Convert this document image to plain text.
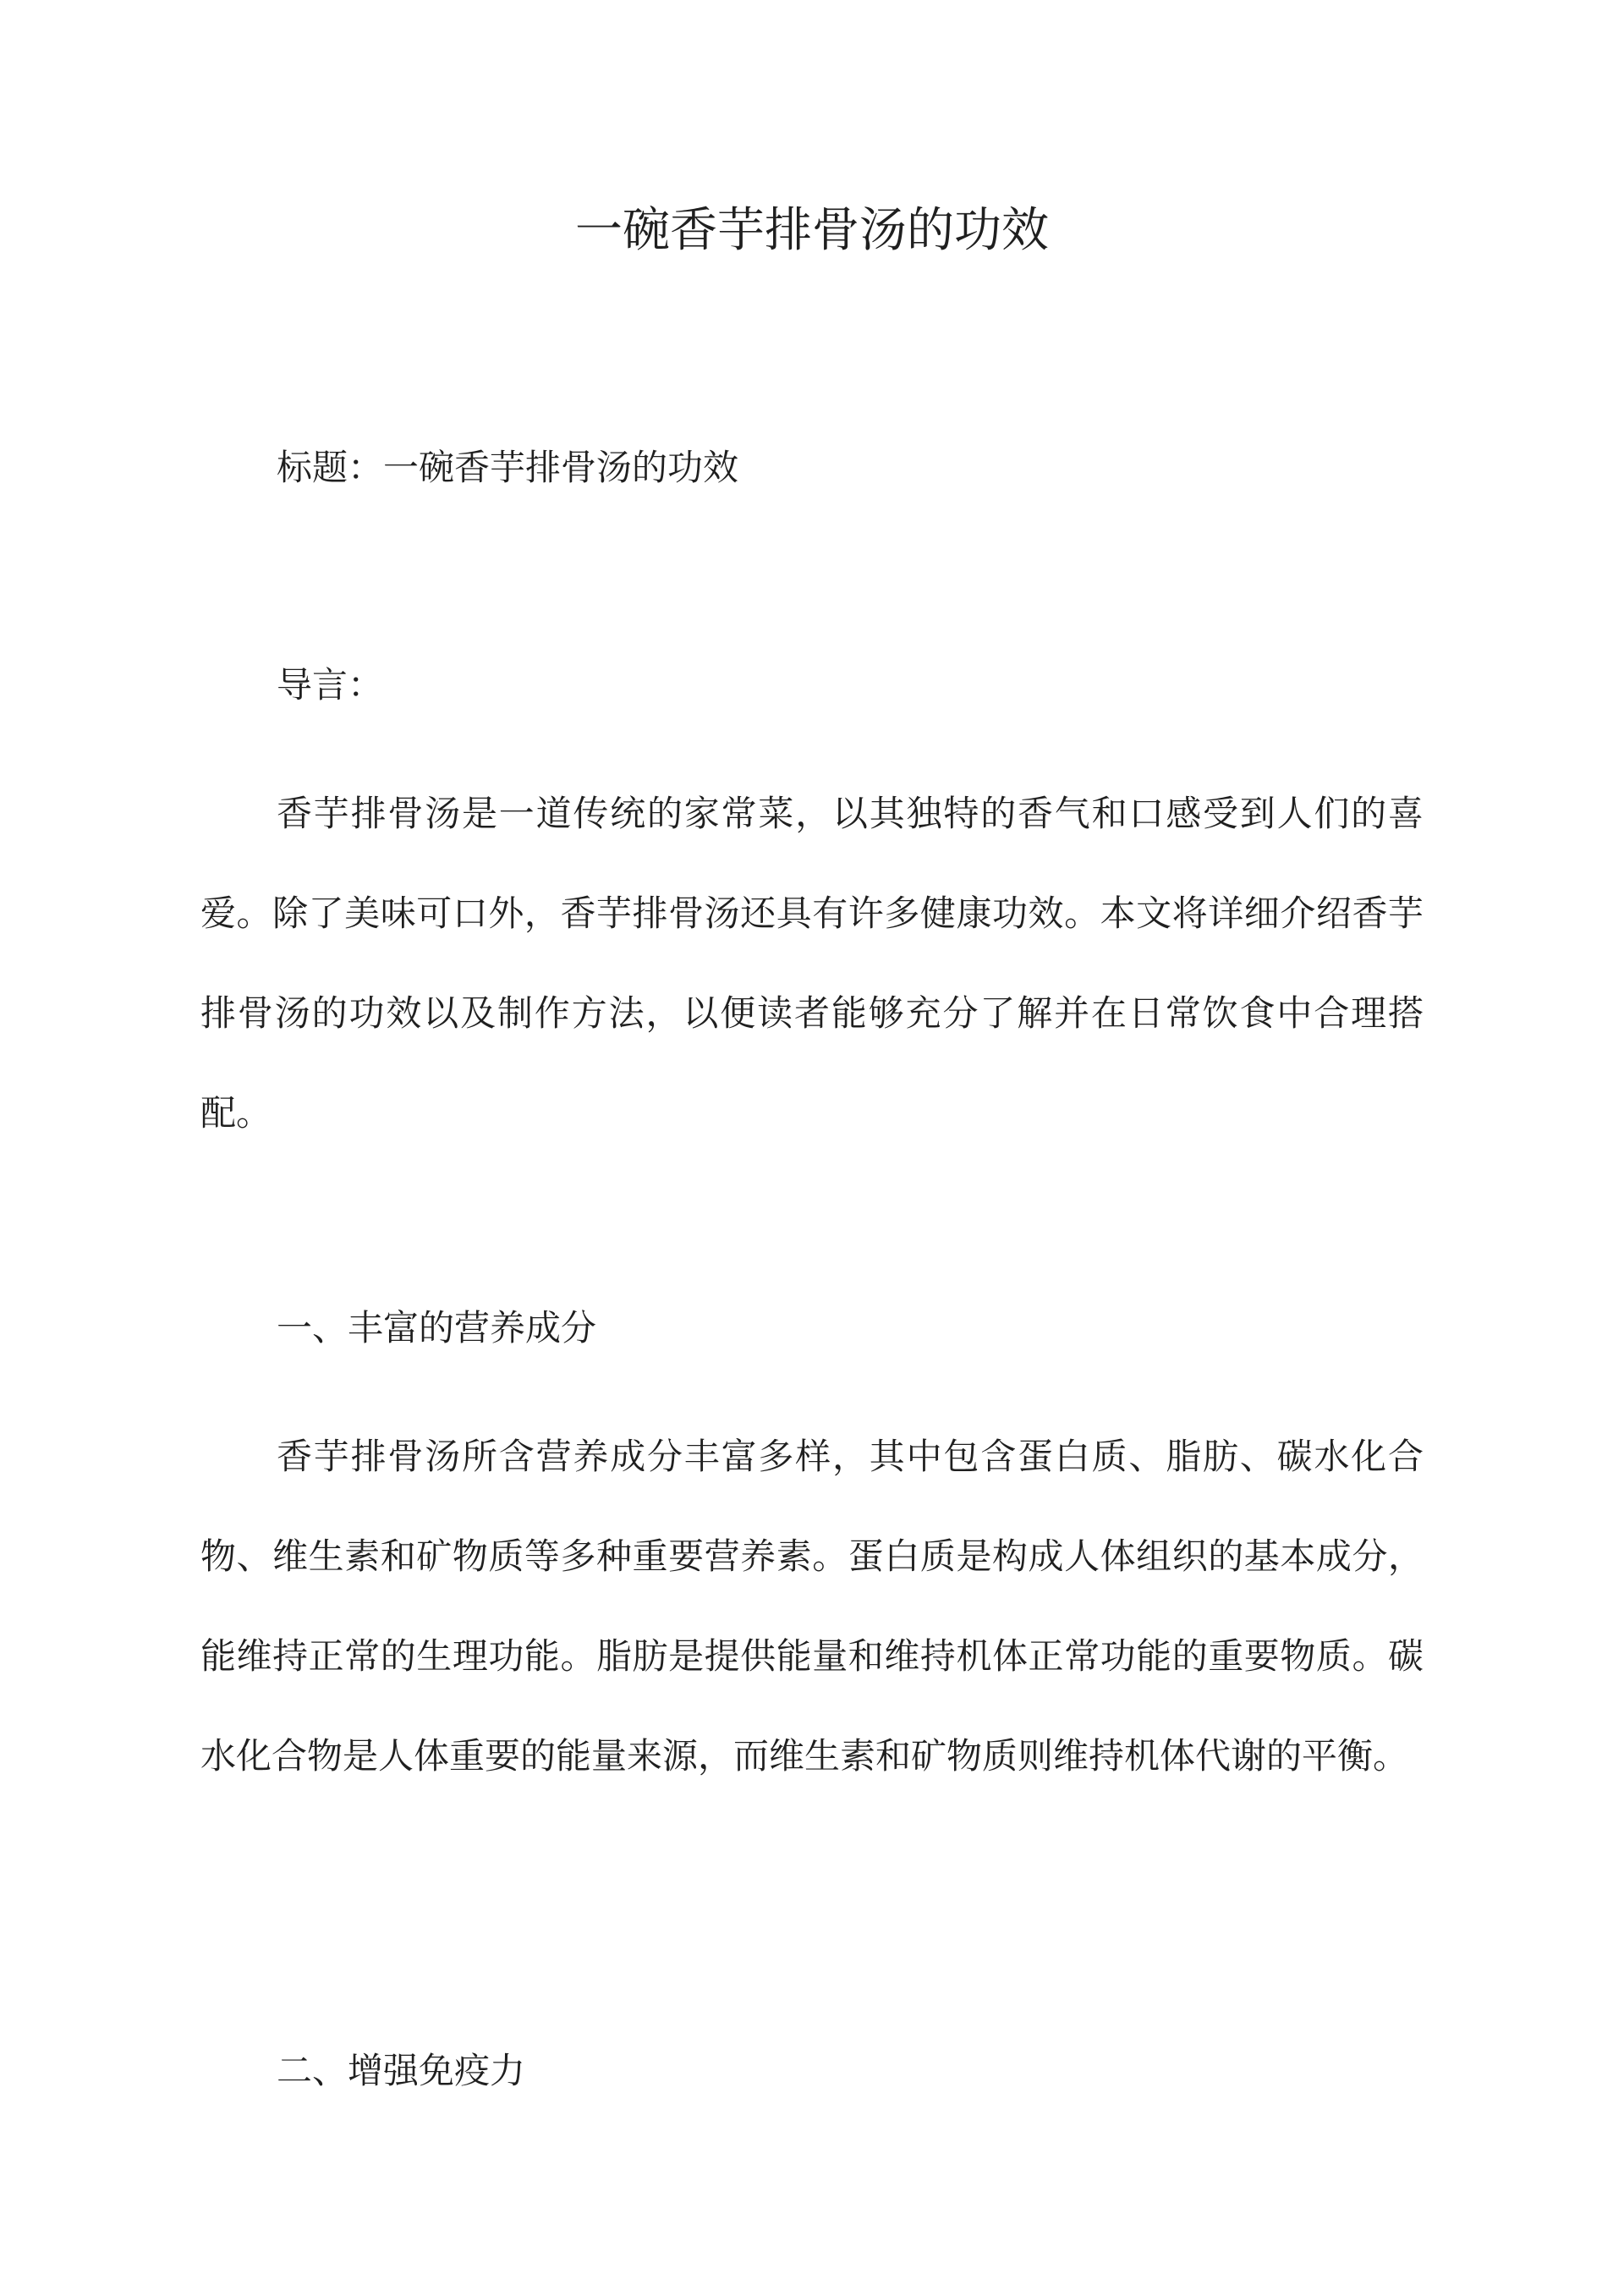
一碗香芋排骨汤的功效

标题：一碗香芋排骨汤的功效

导言：

香芋排骨汤是一道传统的家常菜，以其独特的香气和口感受到人们的喜爱。除了美味可口外，香芋排骨汤还具有许多健康功效。本文将详细介绍香芋排骨汤的功效以及制作方法，以便读者能够充分了解并在日常饮食中合理搭配。

一、丰富的营养成分

香芋排骨汤所含营养成分丰富多样，其中包含蛋白质、脂肪、碳水化合物、维生素和矿物质等多种重要营养素。蛋白质是构成人体组织的基本成分，能维持正常的生理功能。脂肪是提供能量和维持机体正常功能的重要物质。碳水化合物是人体重要的能量来源，而维生素和矿物质则维持机体代谢的平衡。

二、增强免疫力
